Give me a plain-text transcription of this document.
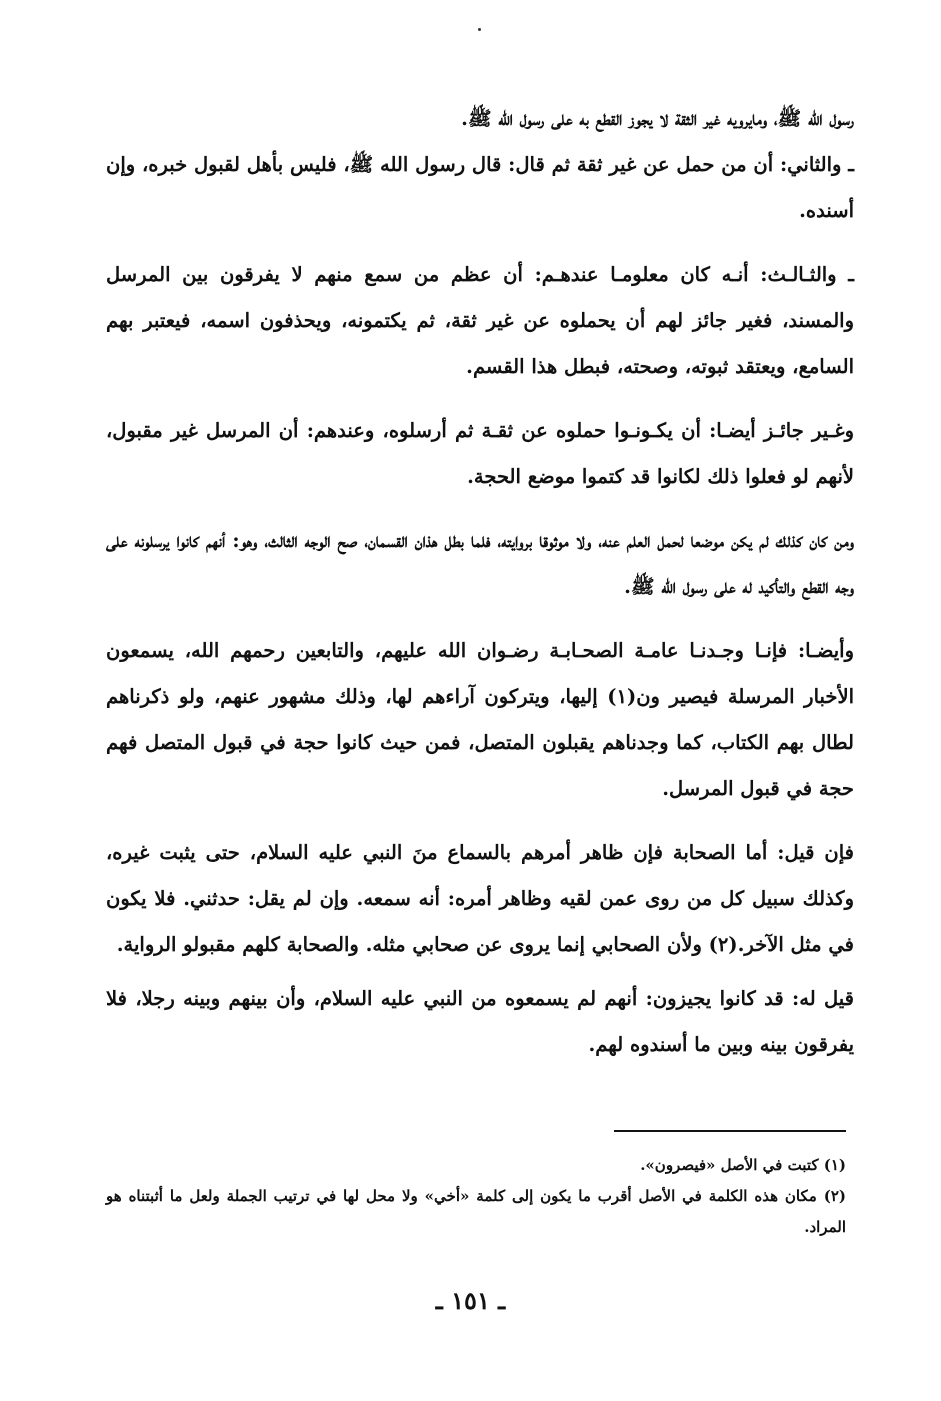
رسول الله ﷺ، ومايرويه غير الثقة لا يجوز القطع به على رسول الله ﷺ.

ـ والثاني: أن من حمل عن غير ثقة ثم قال: قال رسول الله ﷺ، فليس بأهل لقبول خبره، وإن أسنده.

ـ والثـالـث: أنـه كان معلومـا عندهـم: أن عظم من سمع منهم لا يفرقون بين المرسل والمسند، فغير جائز لهم أن يحملوه عن غير ثقة، ثم يكتمونه، ويحذفون اسمه، فيعتبر بهم السامع، ويعتقد ثبوته، وصحته، فبطل هذا القسم.

وغـير جائـز أيضـا: أن يكـونـوا حملوه عن ثقـة ثم أرسلوه، وعندهم: أن المرسل غير مقبول، لأنهم لو فعلوا ذلك لكانوا قد كتموا موضع الحجة.

ومن كان كذلك لم يكن موضعا لحمل العلم عنه، ولا موثوقا بروايته، فلما بطل هذان القسمان، صح الوجه الثالث، وهو: أنهم كانوا يرسلونه على وجه القطع والتأكيد له على رسول الله ﷺ.

وأيضـا: فإنـا وجـدنـا عامـة الصحـابـة رضـوان الله عليهم، والتابعين رحمهم الله، يسمعون الأخبار المرسلة فيصير ون(١) إليها، ويتركون آراءهم لها، وذلك مشهور عنهم، ولو ذكرناهم لطال بهم الكتاب، كما وجدناهم يقبلون المتصل، فمن حيث كانوا حجة في قبول المتصل فهم حجة في قبول المرسل.

فإن قيل: أما الصحابة فإن ظاهر أمرهم بالسماع منَ النبي عليه السلام، حتى يثبت غيره، وكذلك سبيل كل من روى عمن لقيه وظاهر أمره: أنه سمعه. وإن لم يقل: حدثني. فلا يكون في مثل الآخر.(٢) ولأن الصحابي إنما يروى عن صحابي مثله. والصحابة كلهم مقبولو الرواية.

قيل له: قد كانوا يجيزون: أنهم لم يسمعوه من النبي عليه السلام، وأن بينهم وبينه رجلا، فلا يفرقون بينه وبين ما أسندوه لهم.

(١) كتبت في الأصل «فيصرون».

(٢) مكان هذه الكلمة في الأصل أقرب ما يكون إلى كلمة «أخي» ولا محل لها في ترتيب الجملة ولعل ما أثبتناه هو المراد.

ـ ١٥١ ـ
